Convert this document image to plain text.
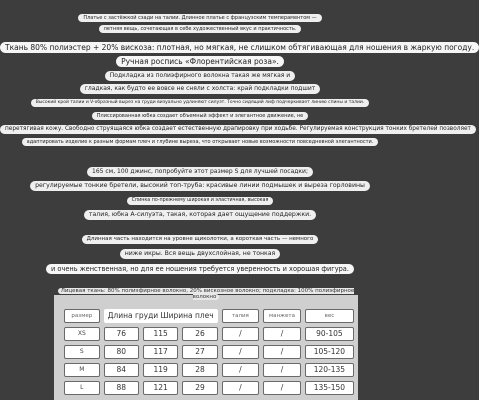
Платье с застёжкой сзади на талии. Длинное платье с французским темпераментом —
летняя вещь, сочетающая в себе художественный вкус и практичность.
Ткань 80% полиэстер + 20% вискоза: плотная, но мягкая, не слишком обтягивающая для ношения в жаркую погоду.
Ручная роспись «Флорентийская роза».
Подкладка из полиэфирного волокна такая же мягкая и
гладкая, как будто ее вовсе не сняли с холста: край подкладки подшит
Высокий крой талии и V-образный вырез на груди визуально удлиняют силуэт. Точно сидящий лиф подчеркивает линию спины и талии.
Плиссированная юбка создает объемный эффект и элегантное движение, не
перетягивая кожу. Свободно струящаяся юбка создает естественную драпировку при ходьбе. Регулируемая конструкция тонких бретелей позволяет
адаптировать изделие к разным формам плеч и глубине выреза, что открывает новые возможности повседневной элегантности.
165 см, 100 джинс, попробуйте этот размер S для лучшей посадки;
регулируемые тонкие бретели, высокий топ-труба: красивые линии подмышек и выреза горловины
Спинка по-прежнему широкая и эластичная, высокая
талия, юбка А-силуэта, такая, которая дает ощущение поддержки.
Длинная часть находится на уровне щиколотки, а короткая часть — немного
ниже икры. Вся вещь двухслойная, не тонкая
и очень женственная, но для ее ношения требуется уверенность и хорошая фигура.
Лицевая ткань: 80% полиэфирное волокно, 20% вискозное волокно; подкладка: 100% полиэфирное волокно
размер	Длина груди Ширина плеч			талия	манжета	вес
XS	76	115	26	/	/	90-105
S	80	117	27	/	/	105-120
M	84	119	28	/	/	120-135
L	88	121	29	/	/	135-150
